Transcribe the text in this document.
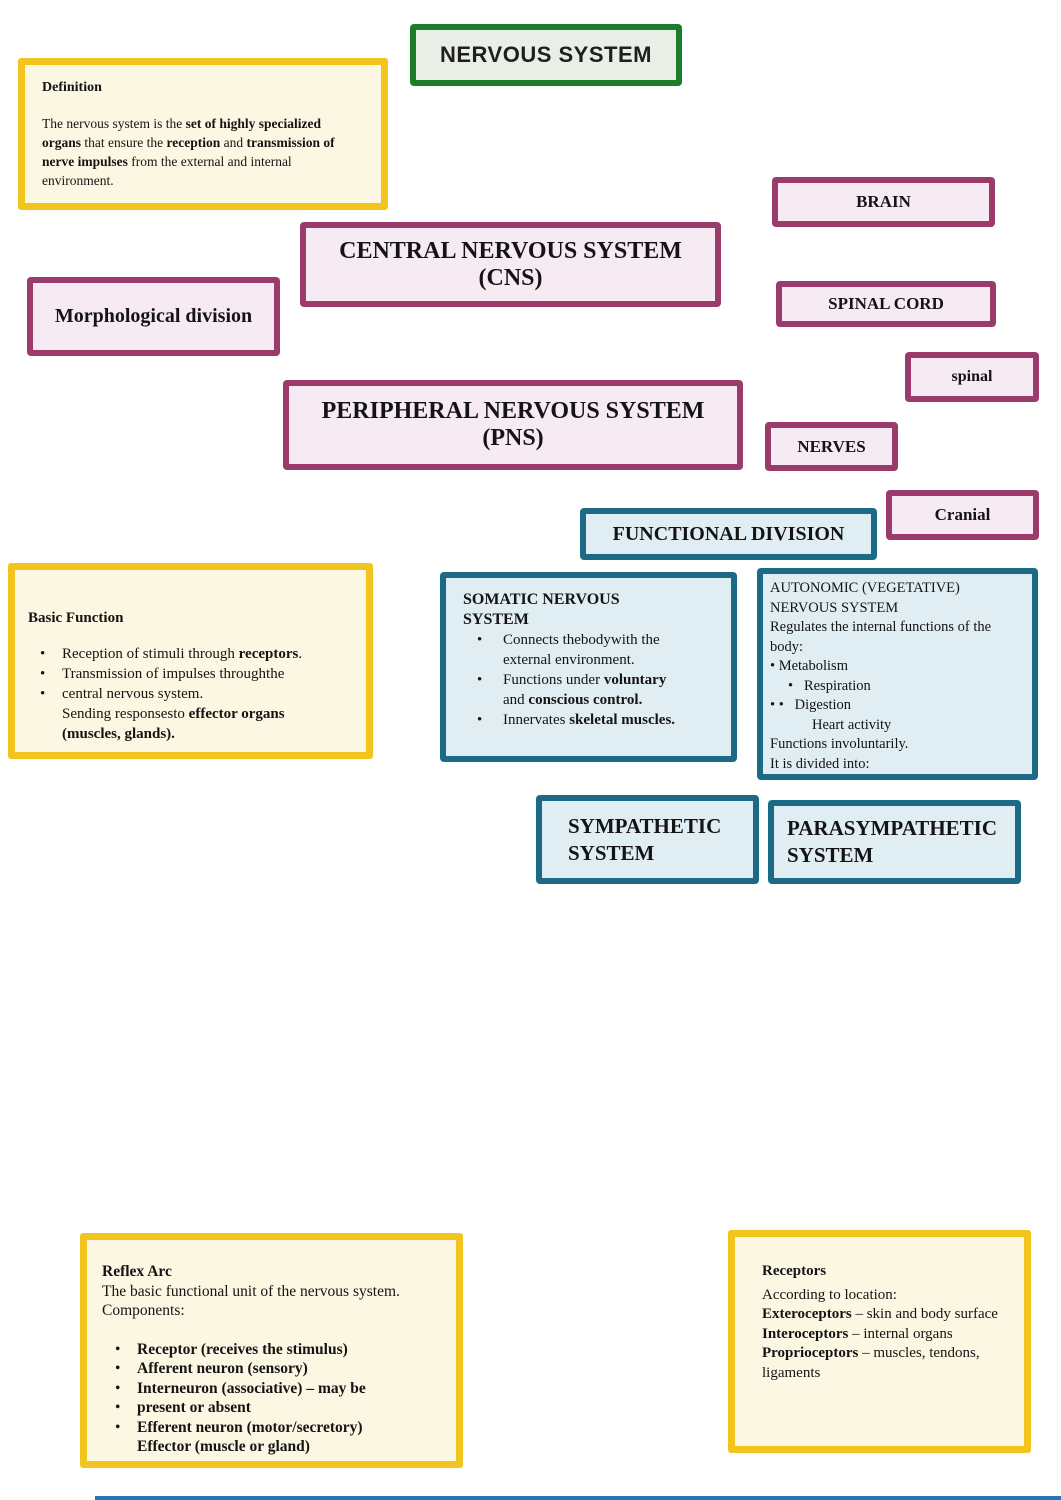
NERVOUS SYSTEM
Definition
The nervous system is the set of highly specialized organs that ensure the reception and transmission of nerve impulses from the external and internal environment.
BRAIN
CENTRAL NERVOUS SYSTEM (CNS)
SPINAL CORD
Morphological division
spinal
PERIPHERAL NERVOUS SYSTEM (PNS)	NERVES
Cranial
FUNCTIONAL DIVISION
Basic Function
•	Reception of stimuli through receptors.
•	Transmission of impulses throughthe
•	central nervous system.
Sending responsesto effector organs
(muscles, glands).
SOMATIC NERVOUS SYSTEM
•	Connects thebodywith the external environment.
•	Functions under voluntary and conscious control.
•	Innervates skeletal muscles.
AUTONOMIC (VEGETATIVE) NERVOUS SYSTEM
Regulates the internal functions of the body:
• Metabolism
•   Respiration
• •   Digestion
Heart activity
Functions involuntarily.
It is divided into:
SYMPATHETIC SYSTEM
PARASYMPATHETIC SYSTEM
Reflex Arc
The basic functional unit of the nervous system.
Components:
•	Receptor (receives the stimulus)
•	Afferent neuron (sensory)
•	Interneuron (associative) – may be
•	present or absent
•	Efferent neuron (motor/secretory)
Effector (muscle or gland)
Receptors
According to location:
Exteroceptors – skin and body surface
Interoceptors – internal organs
Proprioceptors – muscles, tendons, ligaments
